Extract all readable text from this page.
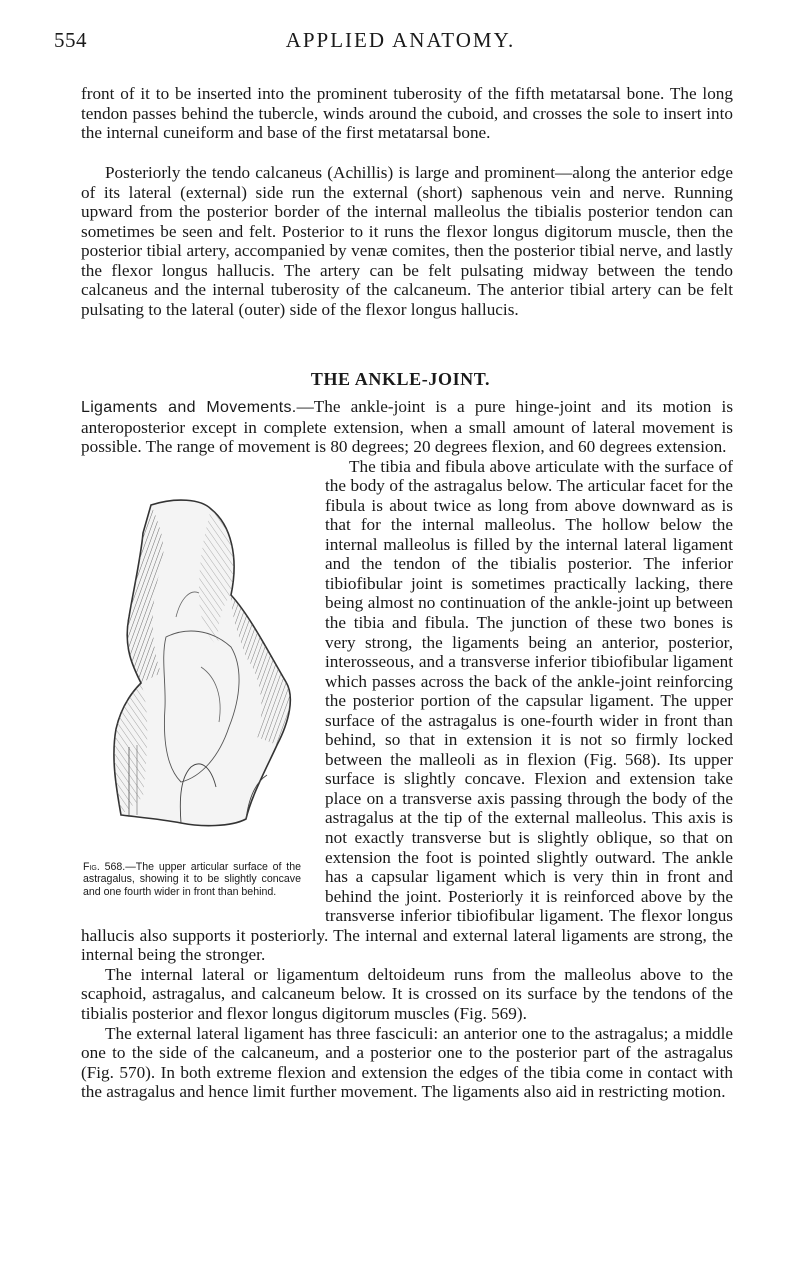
554	APPLIED ANATOMY.

front of it to be inserted into the prominent tuberosity of the fifth metatarsal bone. The long tendon passes behind the tubercle, winds around the cuboid, and crosses the sole to insert into the internal cuneiform and base of the first metatarsal bone.

Posteriorly the tendo calcaneus (Achillis) is large and prominent—along the anterior edge of its lateral (external) side run the external (short) saphenous vein and nerve. Running upward from the posterior border of the internal malleolus the tibialis posterior tendon can sometimes be seen and felt. Posterior to it runs the flexor longus digitorum muscle, then the posterior tibial artery, accompanied by venæ comites, then the posterior tibial nerve, and lastly the flexor longus hallucis. The artery can be felt pulsating midway between the tendo calcaneus and the internal tuberosity of the calcaneum. The anterior tibial artery can be felt pulsating to the lateral (outer) side of the flexor longus hallucis.

THE ANKLE-JOINT.

Ligaments and Movements.—The ankle-joint is a pure hinge-joint and its motion is anteroposterior except in complete extension, when a small amount of lateral movement is possible. The range of movement is 80 degrees; 20 degrees flexion, and 60 degrees extension.

Fig. 568.—The upper articular surface of the astragalus, showing it to be slightly concave and one fourth wider in front than behind.

The tibia and fibula above articulate with the surface of the body of the astragalus below. The articular facet for the fibula is about twice as long from above downward as is that for the internal malleolus. The hollow below the internal malleolus is filled by the internal lateral ligament and the tendon of the tibialis posterior. The inferior tibiofibular joint is sometimes practically lacking, there being almost no continuation of the ankle-joint up between the tibia and fibula. The junction of these two bones is very strong, the ligaments being an anterior, posterior, interosseous, and a transverse inferior tibiofibular ligament which passes across the back of the ankle-joint reinforcing the posterior portion of the capsular ligament. The upper surface of the astragalus is one-fourth wider in front than behind, so that in extension it is not so firmly locked between the malleoli as in flexion (Fig. 568). Its upper surface is slightly concave. Flexion and extension take place on a transverse axis passing through the body of the astragalus at the tip of the external malleolus. This axis is not exactly transverse but is slightly oblique, so that on extension the foot is pointed slightly outward. The ankle has a capsular ligament which is very thin in front and behind the joint. Posteriorly it is reinforced above by the transverse inferior tibiofibular ligament. The flexor longus hallucis also supports it posteriorly. The internal and external lateral ligaments are strong, the internal being the stronger.

The internal lateral or ligamentum deltoideum runs from the malleolus above to the scaphoid, astragalus, and calcaneum below. It is crossed on its surface by the tendons of the tibialis posterior and flexor longus digitorum muscles (Fig. 569).

The external lateral ligament has three fasciculi: an anterior one to the astragalus; a middle one to the side of the calcaneum, and a posterior one to the posterior part of the astragalus (Fig. 570). In both extreme flexion and extension the edges of the tibia come in contact with the astragalus and hence limit further movement. The ligaments also aid in restricting motion.
